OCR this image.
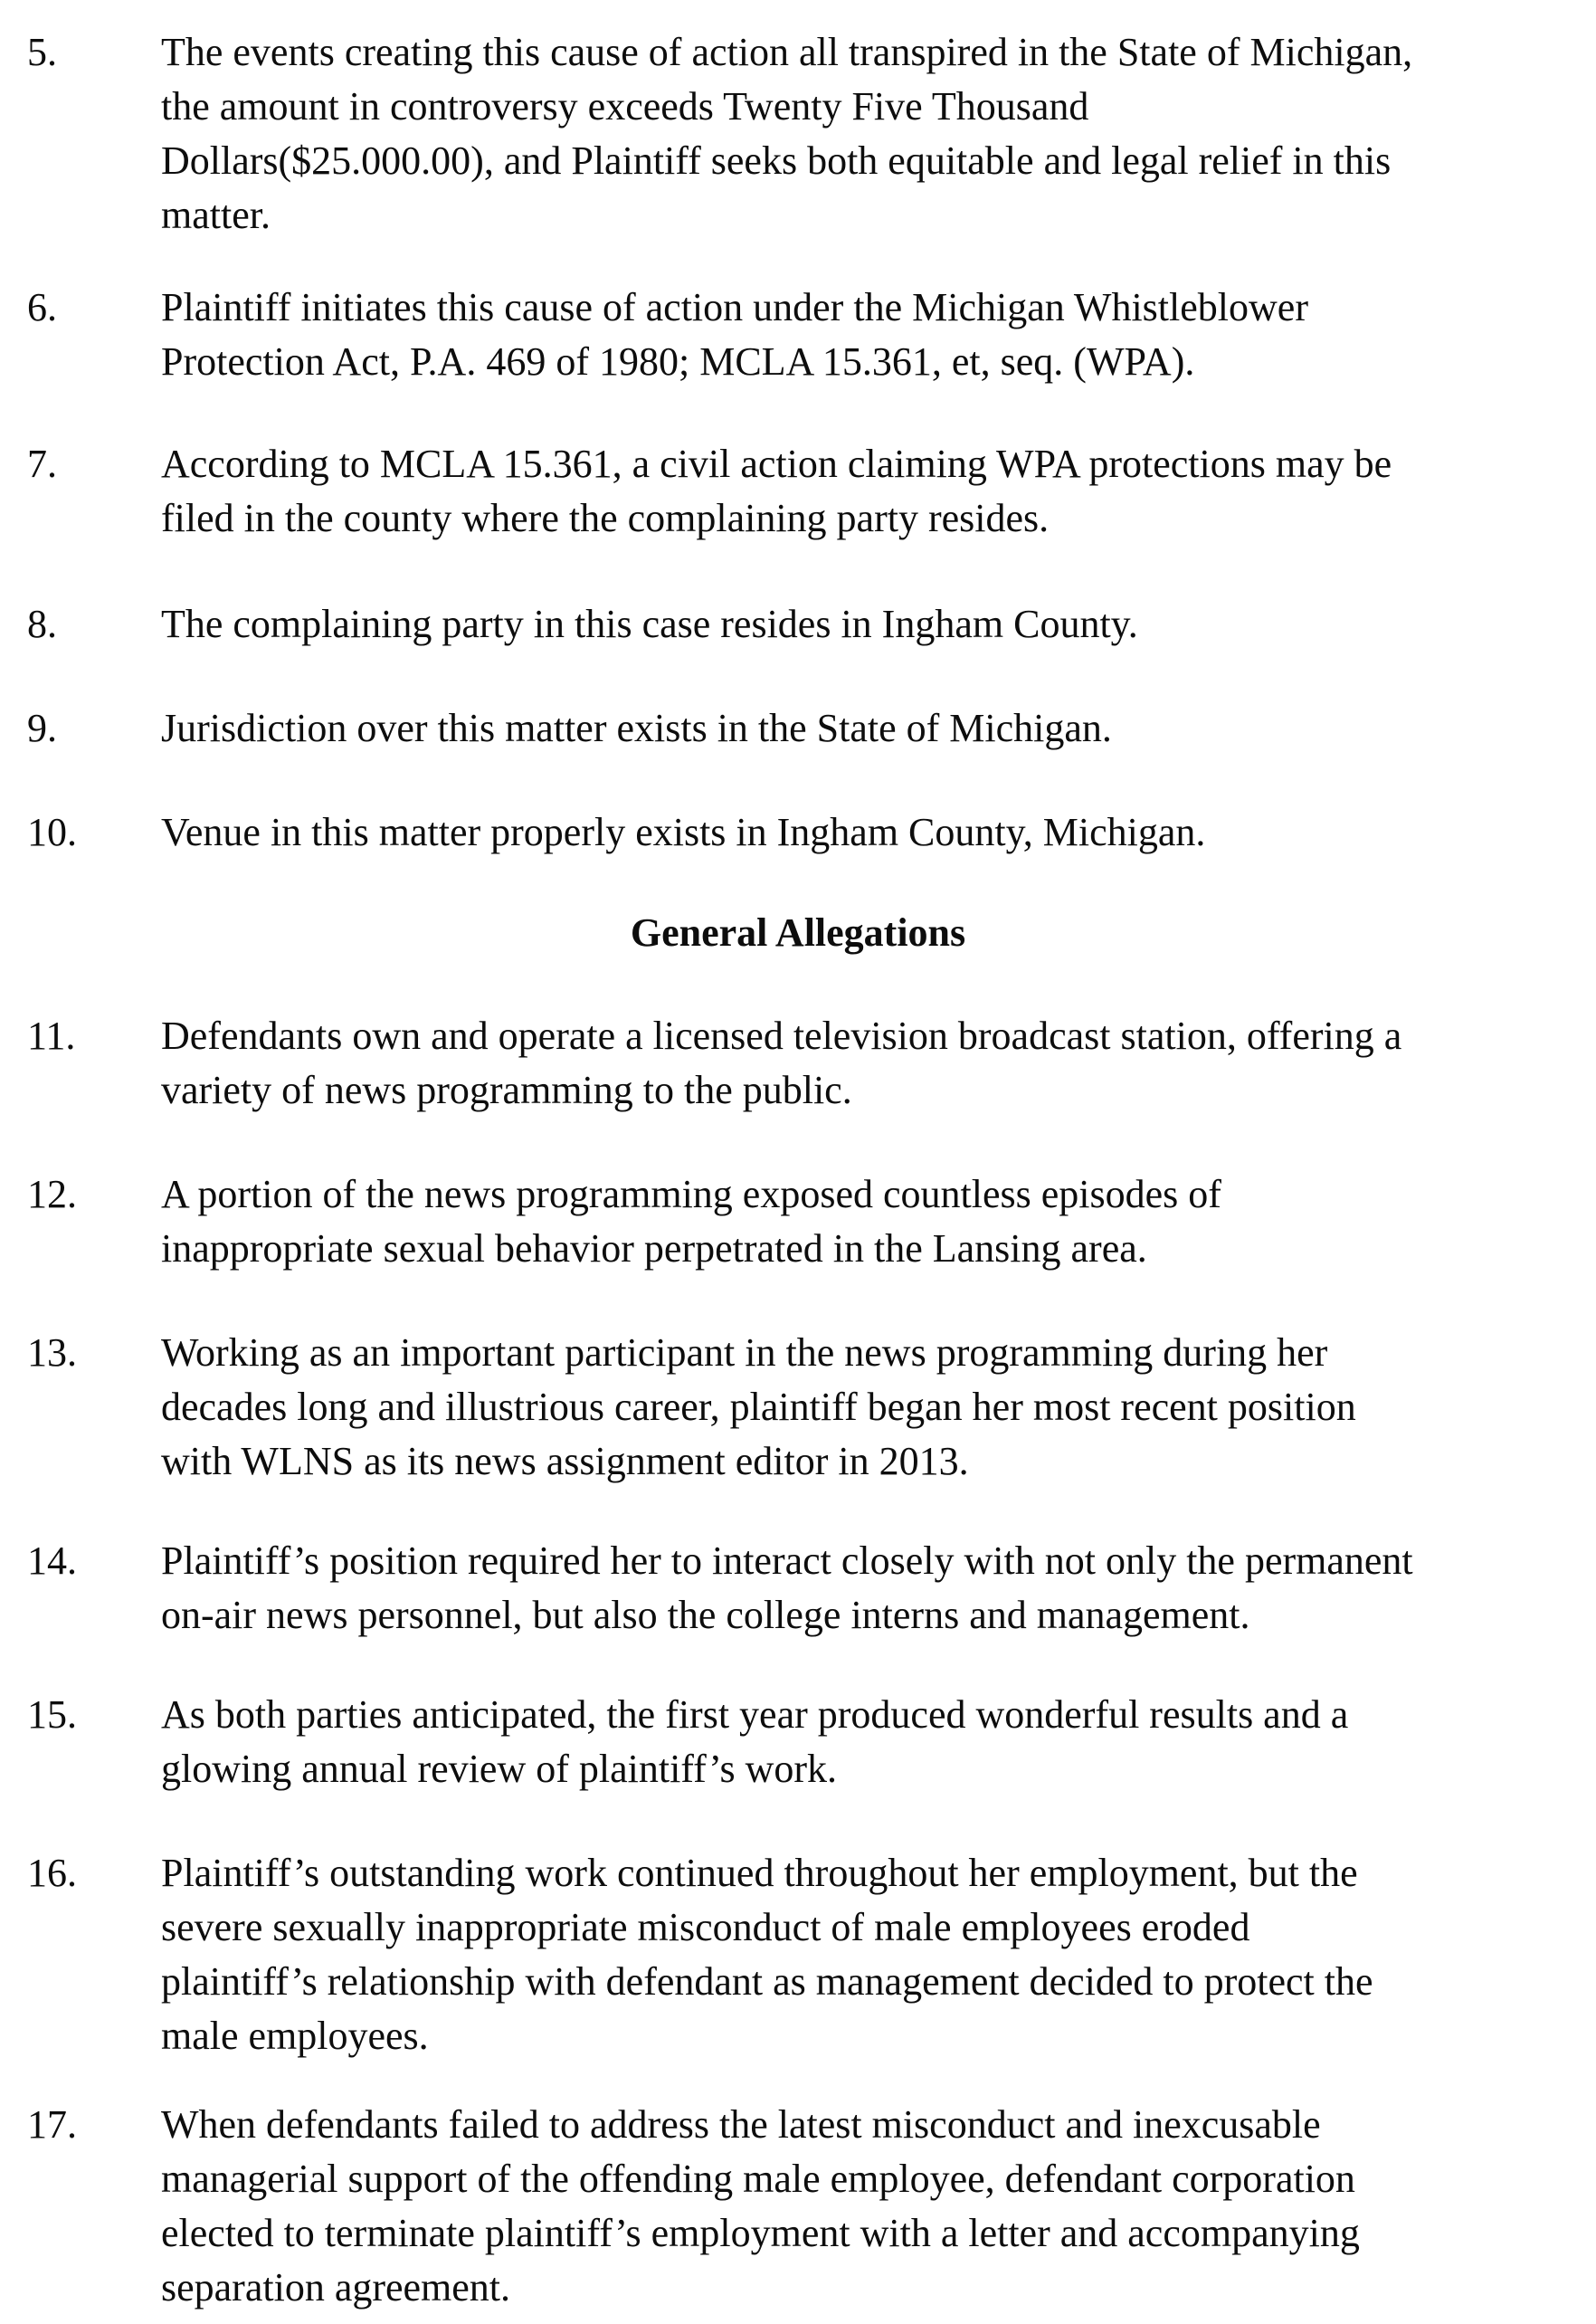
5.	The events creating this cause of action all transpired in the State of Michigan,
the amount in controversy exceeds Twenty Five Thousand
Dollars($25.000.00), and Plaintiff seeks both equitable and legal relief in this
matter.
6.	Plaintiff initiates this cause of action under the Michigan Whistleblower
Protection Act, P.A. 469 of 1980; MCLA 15.361, et, seq. (WPA).
7.	According to MCLA 15.361, a civil action claiming WPA protections may be
filed in the county where the complaining party resides.
8.	The complaining party in this case resides in Ingham County.
9.	Jurisdiction over this matter exists in the State of Michigan.
10. Venue in this matter properly exists in Ingham County, Michigan.
General Allegations
11. Defendants own and operate a licensed television broadcast station, offering a
variety of news programming to the public.
12. A portion of the news programming exposed countless episodes of
inappropriate sexual behavior perpetrated in the Lansing area.
13. Working as an important participant in the news programming during her
decades long and illustrious career, plaintiff began her most recent position
with WLNS as its news assignment editor in 2013.
14. Plaintiff’s position required her to interact closely with not only the permanent
on-air news personnel, but also the college interns and management.
15. As both parties anticipated, the first year produced wonderful results and a
glowing annual review of plaintiff’s work.
16. Plaintiff’s outstanding work continued throughout her employment, but the
severe sexually inappropriate misconduct of male employees eroded
plaintiff’s relationship with defendant as management decided to protect the
male employees.
17. When defendants failed to address the latest misconduct and inexcusable
managerial support of the offending male employee, defendant corporation
elected to terminate plaintiff’s employment with a letter and accompanying
separation agreement.
